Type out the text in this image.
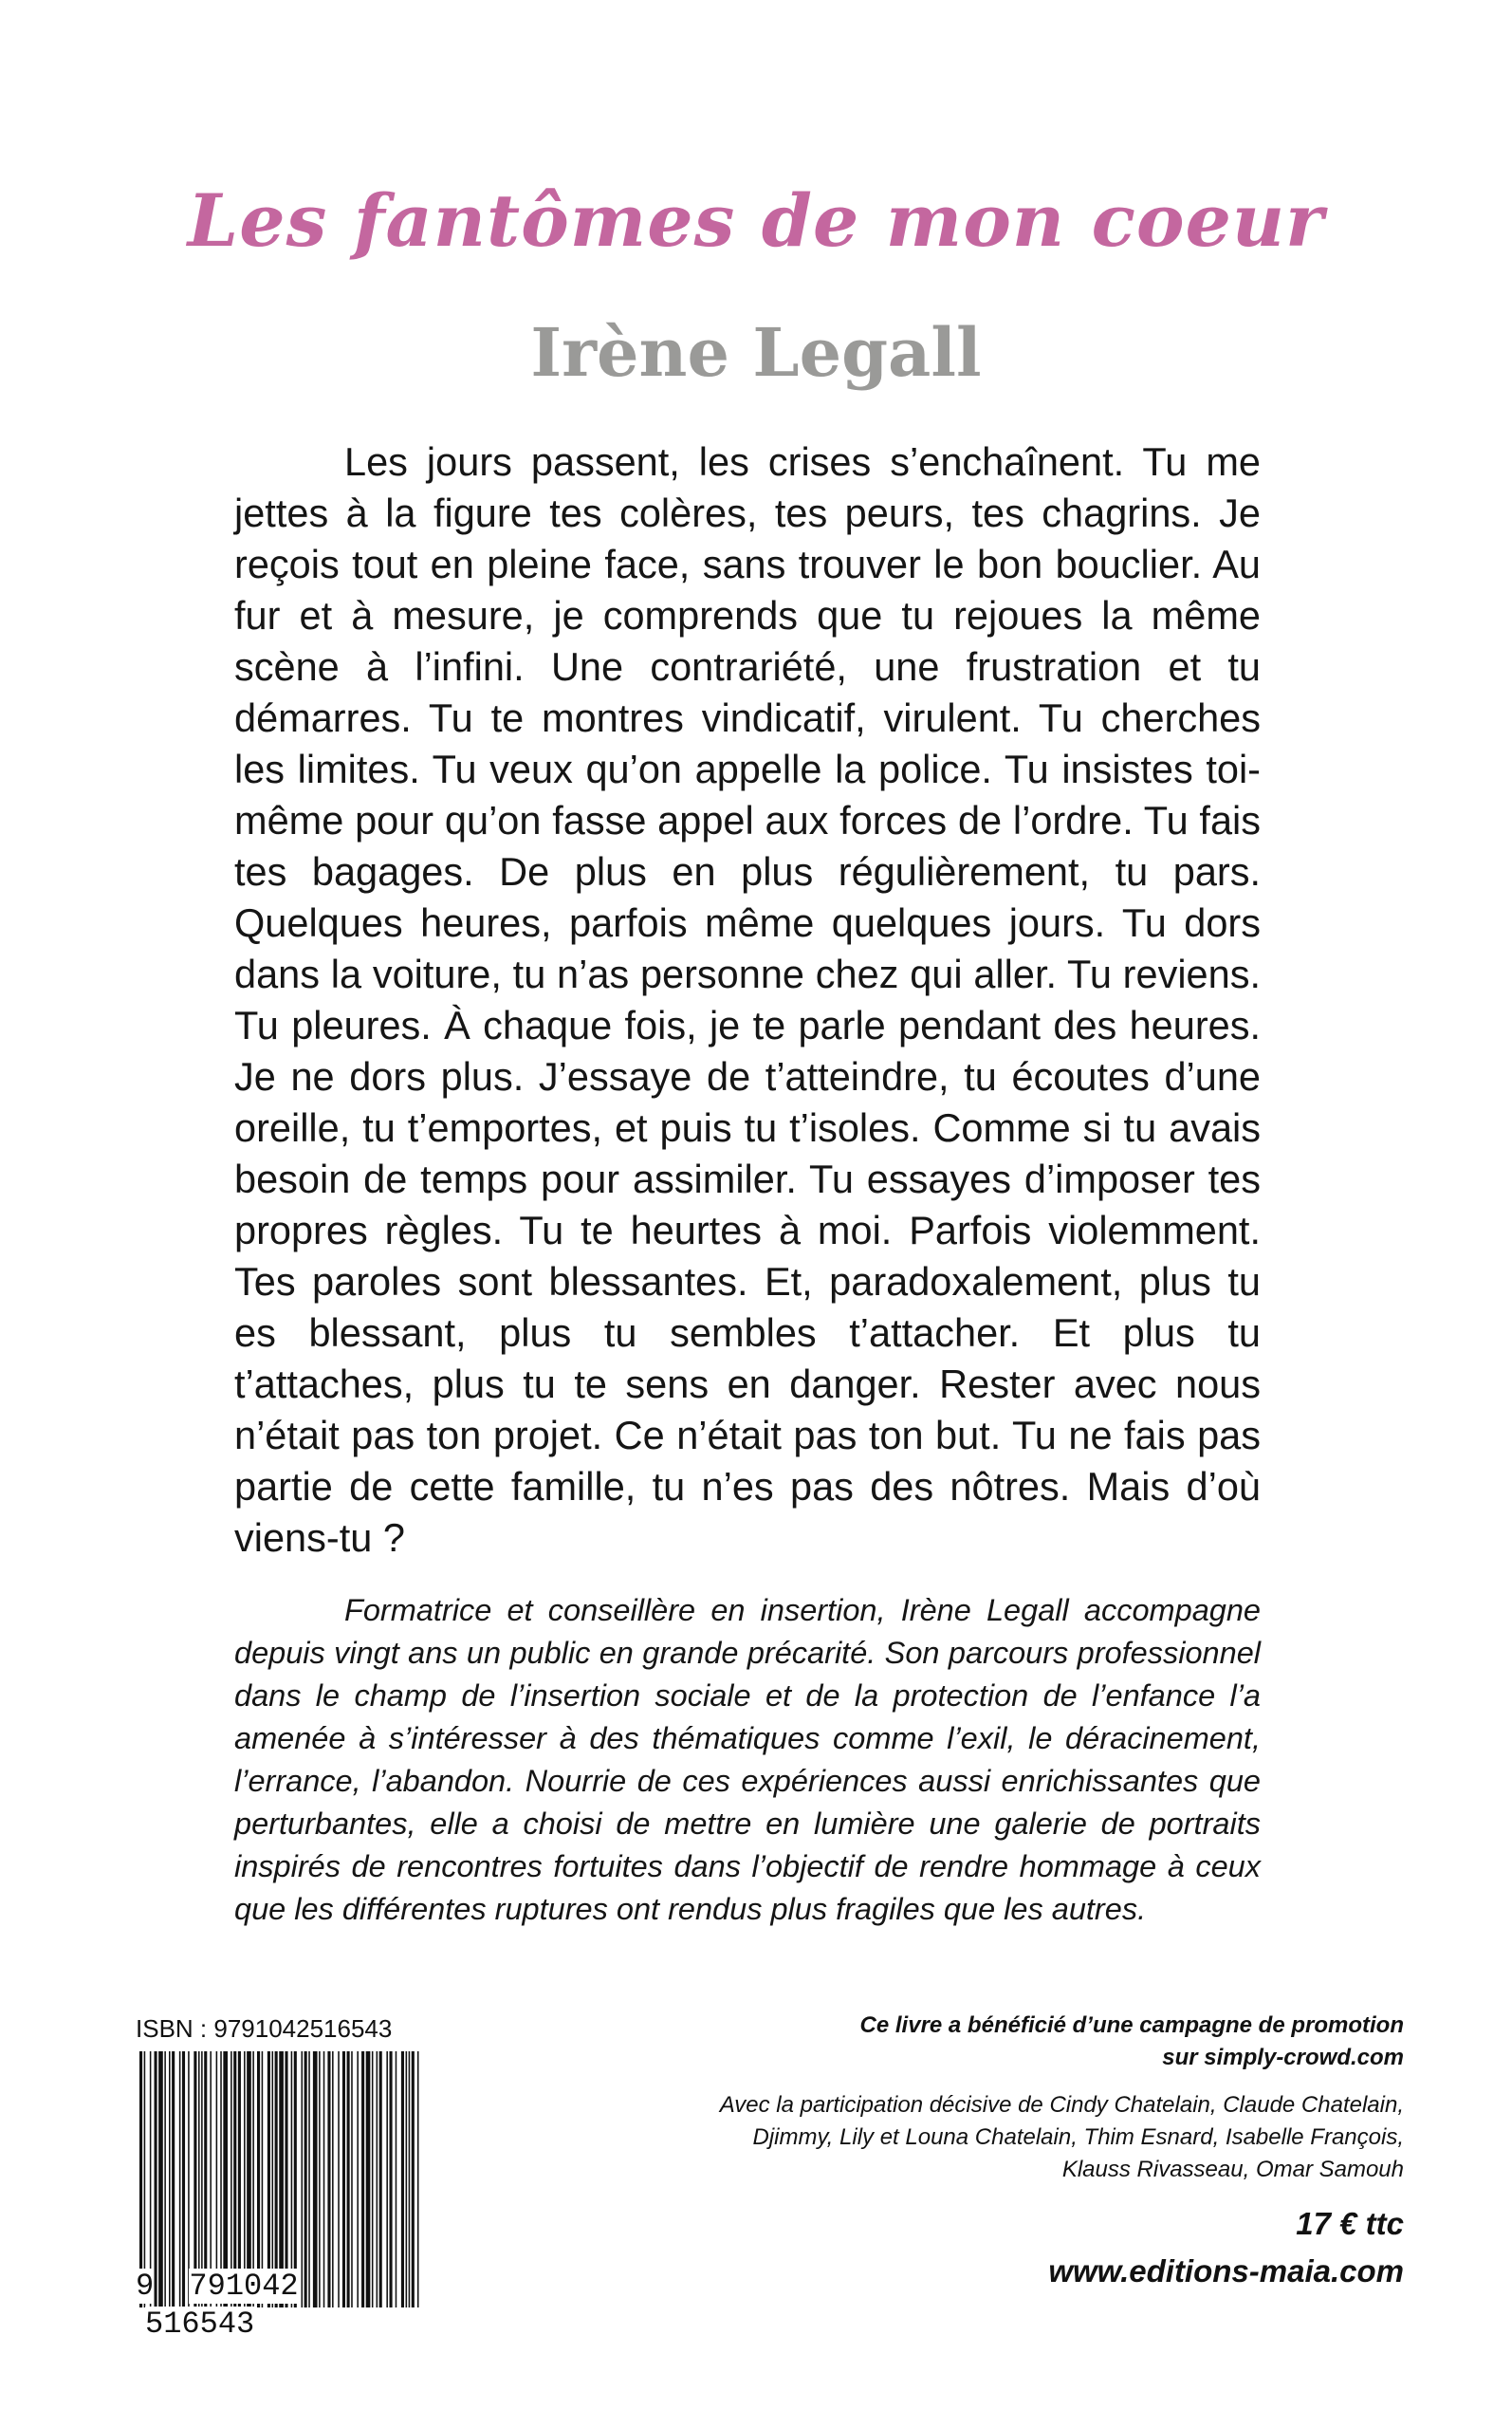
Les fantômes de mon coeur
Irène Legall

Les jours passent, les crises s’enchaînent. Tu me jettes à la figure tes colères, tes peurs, tes chagrins. Je reçois tout en pleine face, sans trouver le bon bouclier. Au fur et à mesure, je comprends que tu rejoues la même scène à l’infini. Une contrariété, une frustration et tu démarres. Tu te montres vindicatif, virulent. Tu cherches les limites. Tu veux qu’on appelle la police. Tu insistes toi-même pour qu’on fasse appel aux forces de l’ordre. Tu fais tes bagages. De plus en plus régulièrement, tu pars. Quelques heures, parfois même quelques jours. Tu dors dans la voiture, tu n’as personne chez qui aller. Tu reviens. Tu pleures. À chaque fois, je te parle pendant des heures. Je ne dors plus. J’essaye de t’atteindre, tu écoutes d’une oreille, tu t’emportes, et puis tu t’isoles. Comme si tu avais besoin de temps pour assimiler. Tu essayes d’imposer tes propres règles. Tu te heurtes à moi. Parfois violemment. Tes paroles sont blessantes. Et, paradoxalement, plus tu es blessant, plus tu sembles t’attacher. Et plus tu t’attaches, plus tu te sens en danger. Rester avec nous n’était pas ton projet. Ce n’était pas ton but. Tu ne fais pas partie de cette famille, tu n’es pas des nôtres. Mais d’où viens-tu ?

Formatrice et conseillère en insertion, Irène Legall accompagne depuis vingt ans un public en grande précarité. Son parcours professionnel dans le champ de l’insertion sociale et de la protection de l’enfance l’a amenée à s’intéresser à des thématiques comme l’exil, le déracinement, l’errance, l’abandon. Nourrie de ces expériences aussi enrichissantes que perturbantes, elle a choisi de mettre en lumière une galerie de portraits inspirés de rencontres fortuites dans l’objectif de rendre hommage à ceux que les différentes ruptures ont rendus plus fragiles que les autres.

ISBN : 9791042516543
9 791042 516543
Ce livre a bénéficié d’une campagne de promotion
sur simply-crowd.com
Avec la participation décisive de Cindy Chatelain, Claude Chatelain,
Djimmy, Lily et Louna Chatelain, Thim Esnard, Isabelle François,
Klauss Rivasseau, Omar Samouh
17 € ttc
www.editions-maia.com
